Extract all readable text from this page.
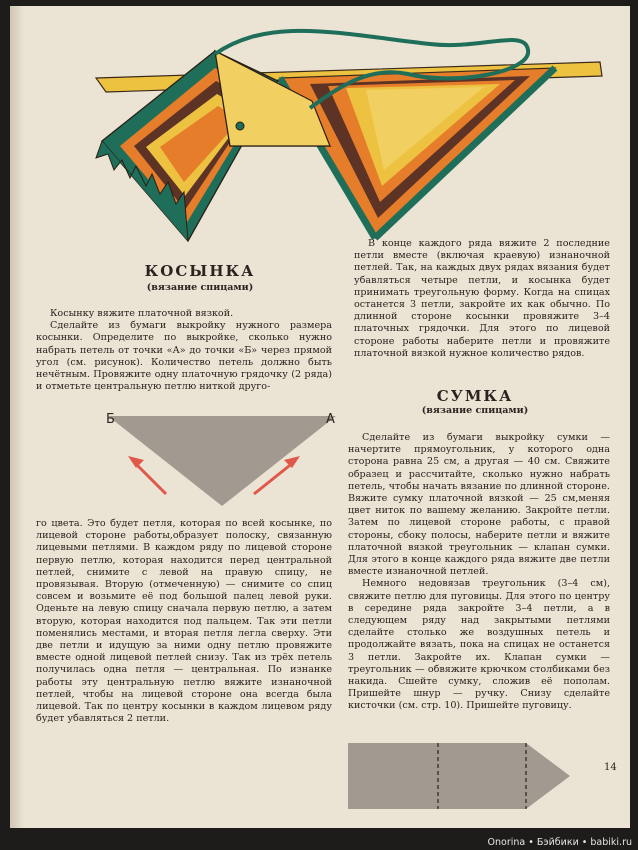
КОСЫНКА
(вязание спицами)

Косынку вяжите платочной вязкой.

Сделайте из бумаги выкройку нужного размера косынки. Определите по выкройке, сколько нужно набрать петель от точки «А» до точки «Б» через прямой угол (см. рисунок). Количество петель должно быть нечётным. Провяжите одну платочную грядочку (2 ряда) и отметьте центральную петлю ниткой друго-

Б	А

го цвета. Это будет петля, которая по всей косынке, по лицевой стороне работы,образует полоску, связанную лицевыми петлями. В каждом ряду по лицевой стороне первую петлю, которая находится перед центральной петлей, снимите с левой на правую спицу, не провязывая. Вторую (отмеченную) — снимите со спиц совсем и возьмите её под большой палец левой руки. Оденьте на левую спицу сначала первую петлю, а затем вторую, которая находится под пальцем. Так эти петли поменялись местами, и вторая петля легла сверху. Эти две петли и идущую за ними одну петлю провяжите вместе одной лицевой петлей снизу. Так из трёх петель получилась одна петля — центральная. По изнанке работы эту центральную петлю вяжите изнаночной петлей, чтобы на лицевой стороне она всегда была лицевой. Так по центру косынки в каждом лицевом ряду будет убавляться 2 петли.

В конце каждого ряда вяжите 2 последние петли вместе (включая краевую) изнаночной петлей. Так, на каждых двух рядах вязания будет убавляться четыре петли, и косынка будет принимать треугольную форму. Когда на спицах останется 3 петли, закройте их как обычно. По длинной стороне косынки провяжите 3–4 платочных грядочки. Для этого по лицевой стороне работы наберите петли и провяжите платочной вязкой нужное количество рядов.

СУМКА
(вязание спицами)

Сделайте из бумаги выкройку сумки — начертите прямоугольник, у которого одна сторона равна 25 см, а другая — 40 см. Свяжите образец и рассчитайте, сколько нужно набрать петель, чтобы начать вязание по длинной стороне. Вяжите сумку платочной вязкой — 25 см,меняя цвет ниток по вашему желанию. Закройте петли. Затем по лицевой стороне работы, с правой стороны, сбоку полосы, наберите петли и вяжите платочной вязкой треугольник — клапан сумки. Для этого в конце каждого ряда вяжите две петли вместе изнаночной петлей.

Немного недовязав треугольник (3–4 см), свяжите петлю для пуговицы. Для этого по центру в середине ряда закройте 3–4 петли, а в следующем ряду над закрытыми петлями сделайте столько же воздушных петель и продолжайте вязать, пока на спицах не останется 3 петли. Закройте их. Клапан сумки — треугольник — обвяжите крючком столбиками без накида. Сшейте сумку, сложив её пополам. Пришейте шнур — ручку. Снизу сделайте кисточки (см. стр. 10). Пришейте пуговицу.

14
Onorina • Бэйбики • babiki.ru
